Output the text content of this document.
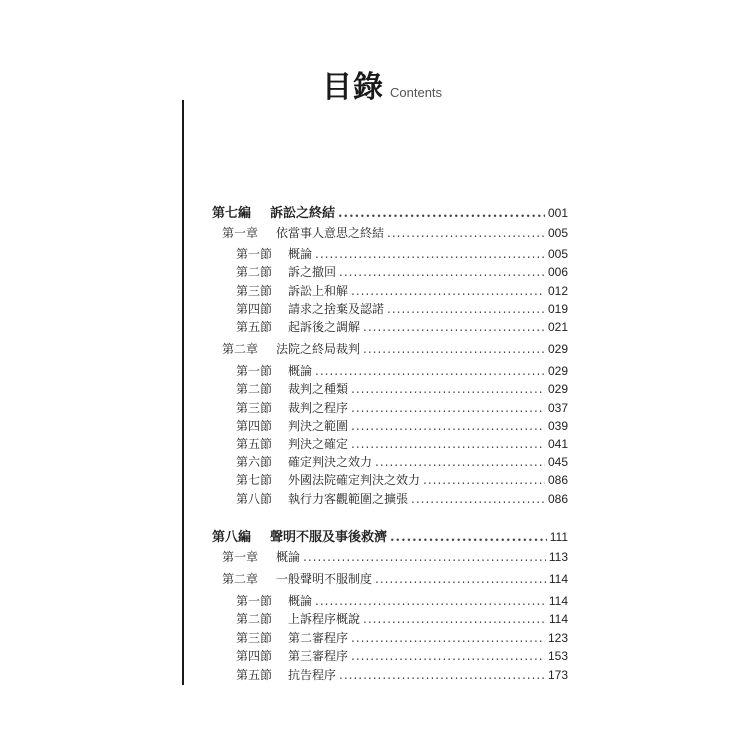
目錄 Contents
第七編	訴訟之終結 .....	001
第一章	依當事人意思之終結 .....	005
第一節	概論 .....	005
第二節	訴之撤回 .....	006
第三節	訴訟上和解 .....	012
第四節	請求之捨棄及認諾 .....	019
第五節	起訴後之調解 .....	021
第二章	法院之終局裁判 .....	029
第一節	概論 .....	029
第二節	裁判之種類 .....	029
第三節	裁判之程序 .....	037
第四節	判決之範圍 .....	039
第五節	判決之確定 .....	041
第六節	確定判決之效力 .....	045
第七節	外國法院確定判決之效力 .....	086
第八節	執行力客觀範圍之擴張 .....	086
第八編	聲明不服及事後救濟 .....	111
第一章	概論 .....	113
第二章	一般聲明不服制度 .....	114
第一節	概論 .....	114
第二節	上訴程序概說 .....	114
第三節	第二審程序 .....	123
第四節	第三審程序 .....	153
第五節	抗告程序 .....	173
